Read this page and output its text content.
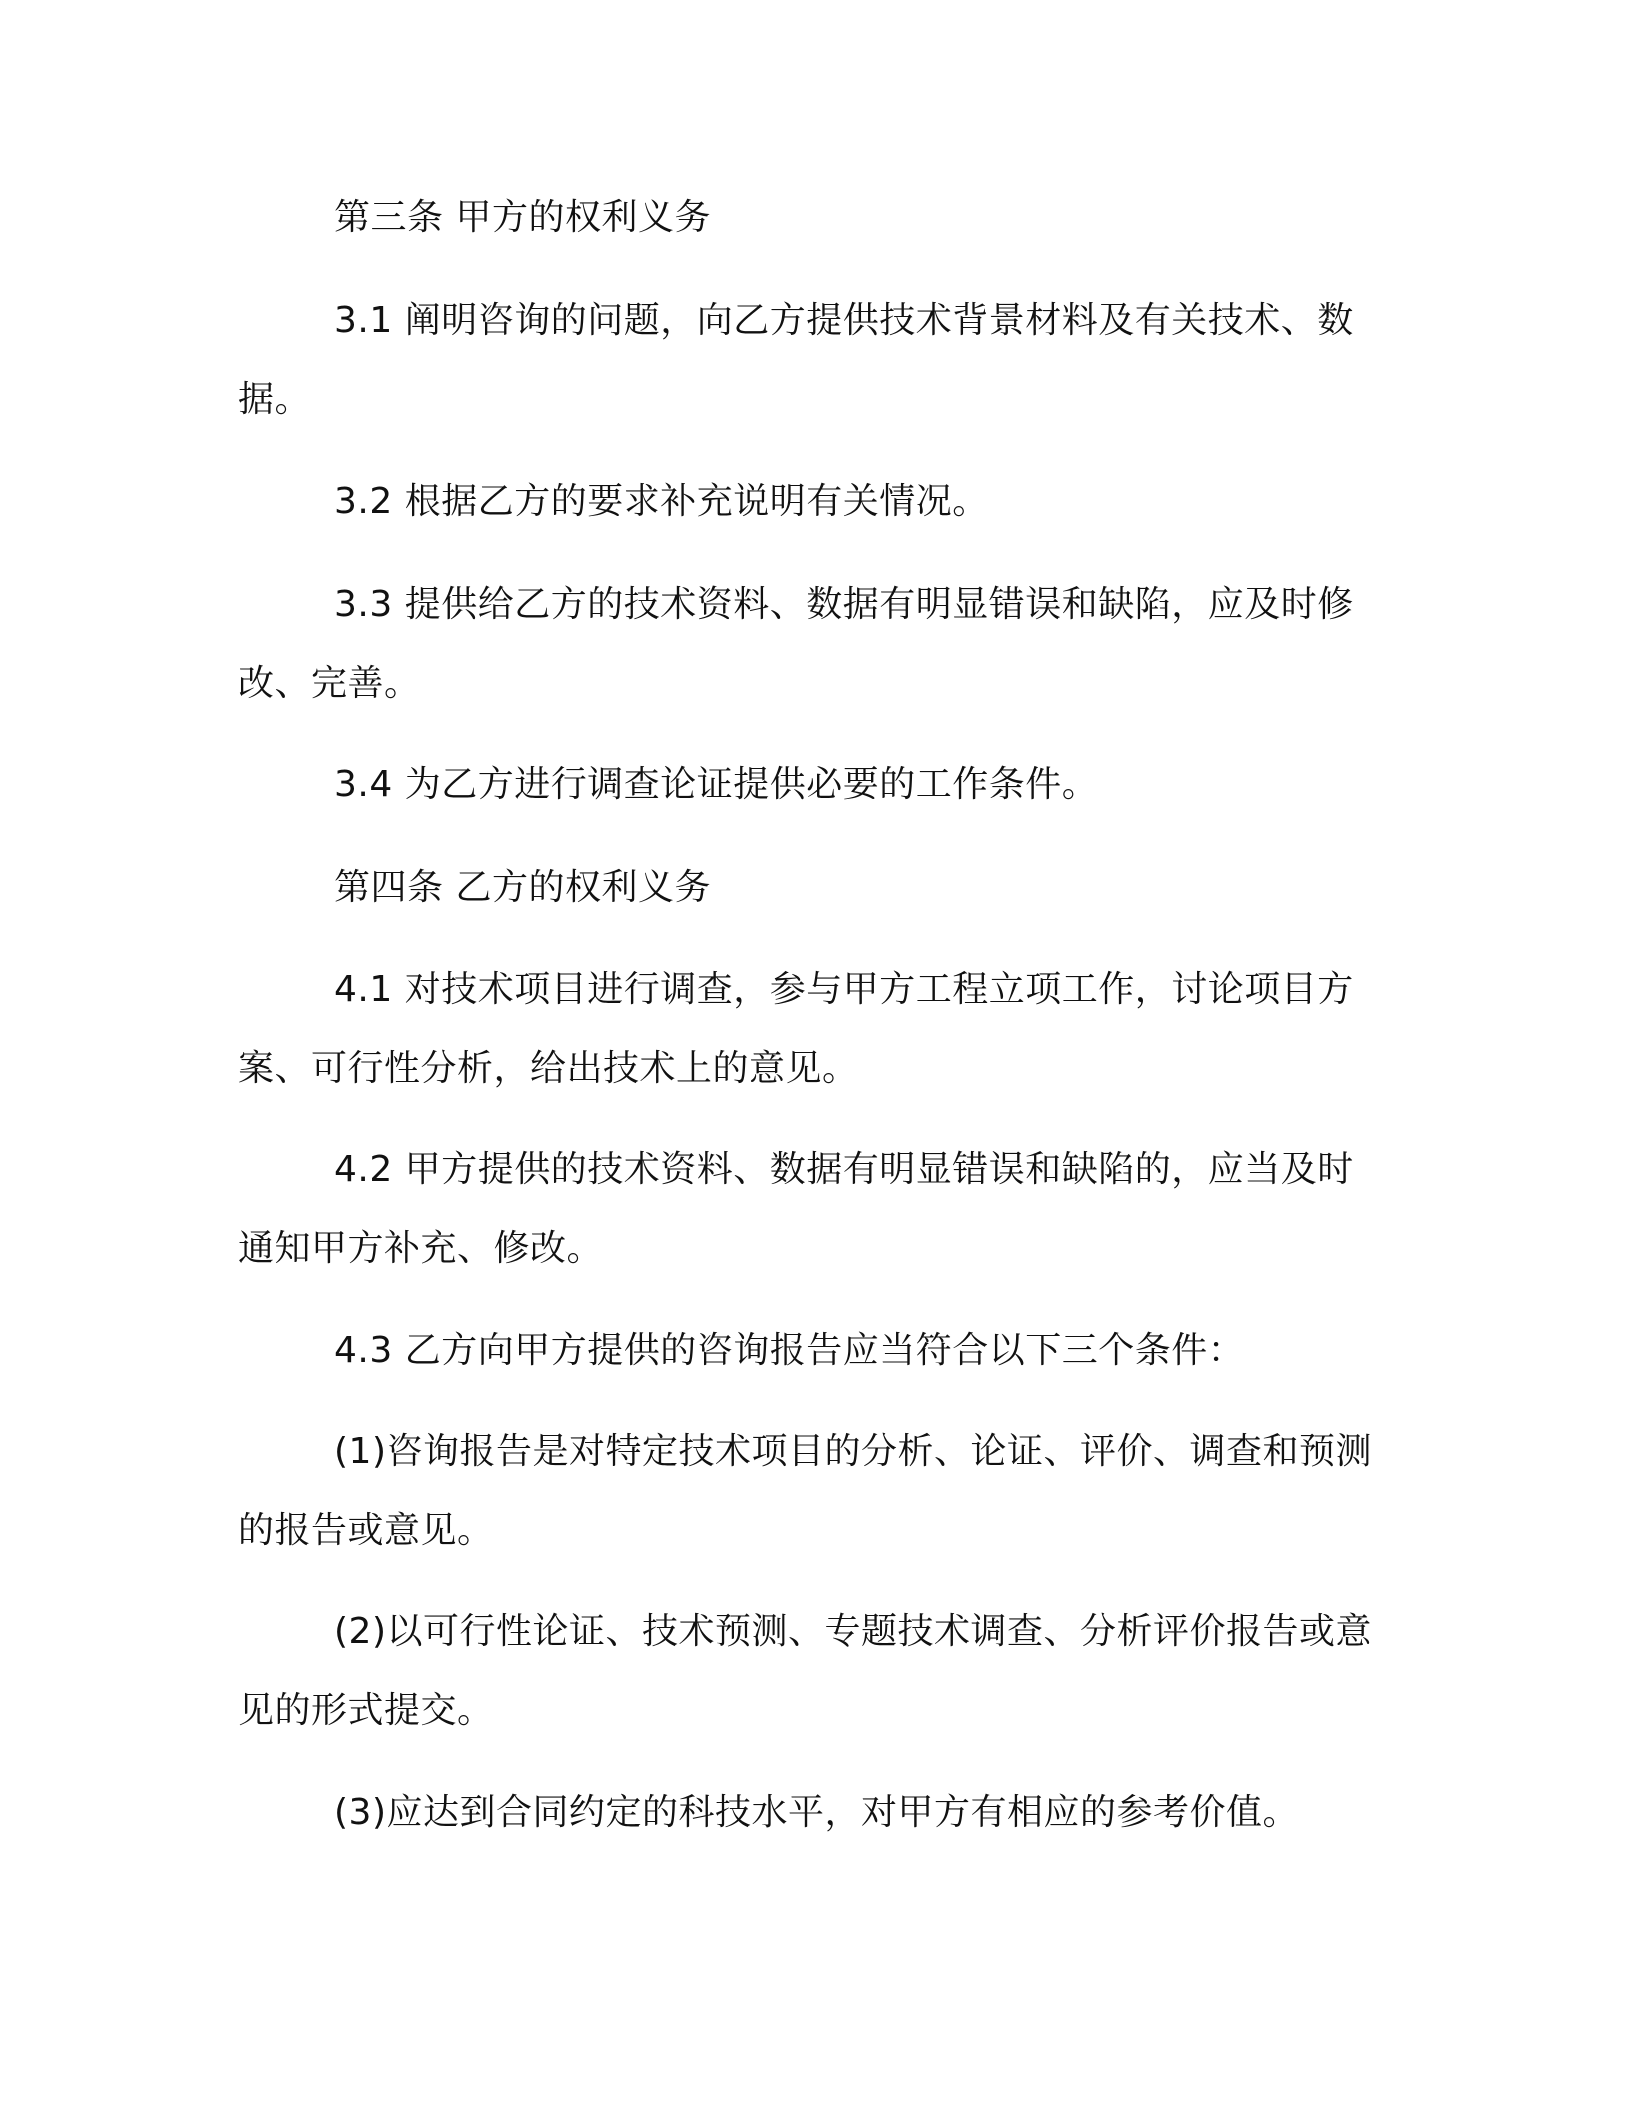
第三条 甲方的权利义务

3.1 阐明咨询的问题，向乙方提供技术背景材料及有关技术、数据。

3.2 根据乙方的要求补充说明有关情况。

3.3 提供给乙方的技术资料、数据有明显错误和缺陷，应及时修改、完善。

3.4 为乙方进行调查论证提供必要的工作条件。

第四条 乙方的权利义务

4.1 对技术项目进行调查，参与甲方工程立项工作，讨论项目方案、可行性分析，给出技术上的意见。

4.2 甲方提供的技术资料、数据有明显错误和缺陷的，应当及时通知甲方补充、修改。

4.3 乙方向甲方提供的咨询报告应当符合以下三个条件：

(1)咨询报告是对特定技术项目的分析、论证、评价、调查和预测的报告或意见。

(2)以可行性论证、技术预测、专题技术调查、分析评价报告或意见的形式提交。

(3)应达到合同约定的科技水平，对甲方有相应的参考价值。
